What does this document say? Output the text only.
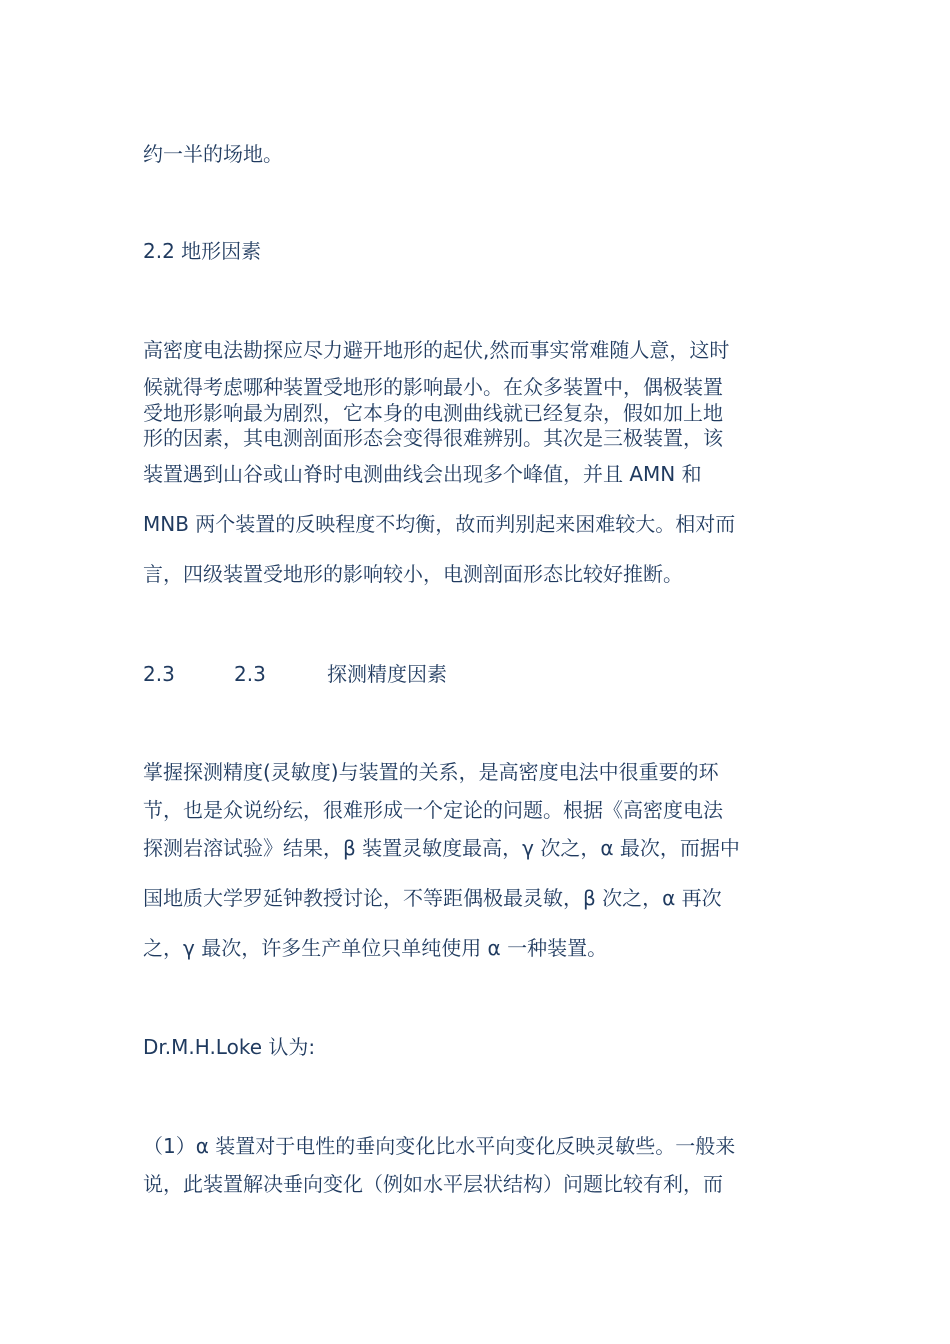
约一半的场地。

2.2 地形因素

高密度电法勘探应尽力避开地形的起伏,然而事实常难随人意，这时

候就得考虑哪种装置受地形的影响最小。在众多装置中，偶极装置

受地形影响最为剧烈，它本身的电测曲线就已经复杂，假如加上地

形的因素，其电测剖面形态会变得很难辨别。其次是三极装置，该

装置遇到山谷或山脊时电测曲线会出现多个峰值，并且 AMN 和

MNB 两个装置的反映程度不均衡，故而判别起来困难较大。相对而

言，四级装置受地形的影响较小，电测剖面形态比较好推断。

2.3	2.3	探测精度因素

掌握探测精度(灵敏度)与装置的关系，是高密度电法中很重要的环

节，也是众说纷纭，很难形成一个定论的问题。根据《高密度电法

探测岩溶试验》结果，β 装置灵敏度最高，γ 次之，α 最次，而据中

国地质大学罗延钟教授讨论，不等距偶极最灵敏，β 次之，α 再次

之，γ 最次，许多生产单位只单纯使用 α 一种装置。

Dr.M.H.Loke 认为:

（1）α 装置对于电性的垂向变化比水平向变化反映灵敏些。一般来

说，此装置解决垂向变化（例如水平层状结构）问题比较有利，而
